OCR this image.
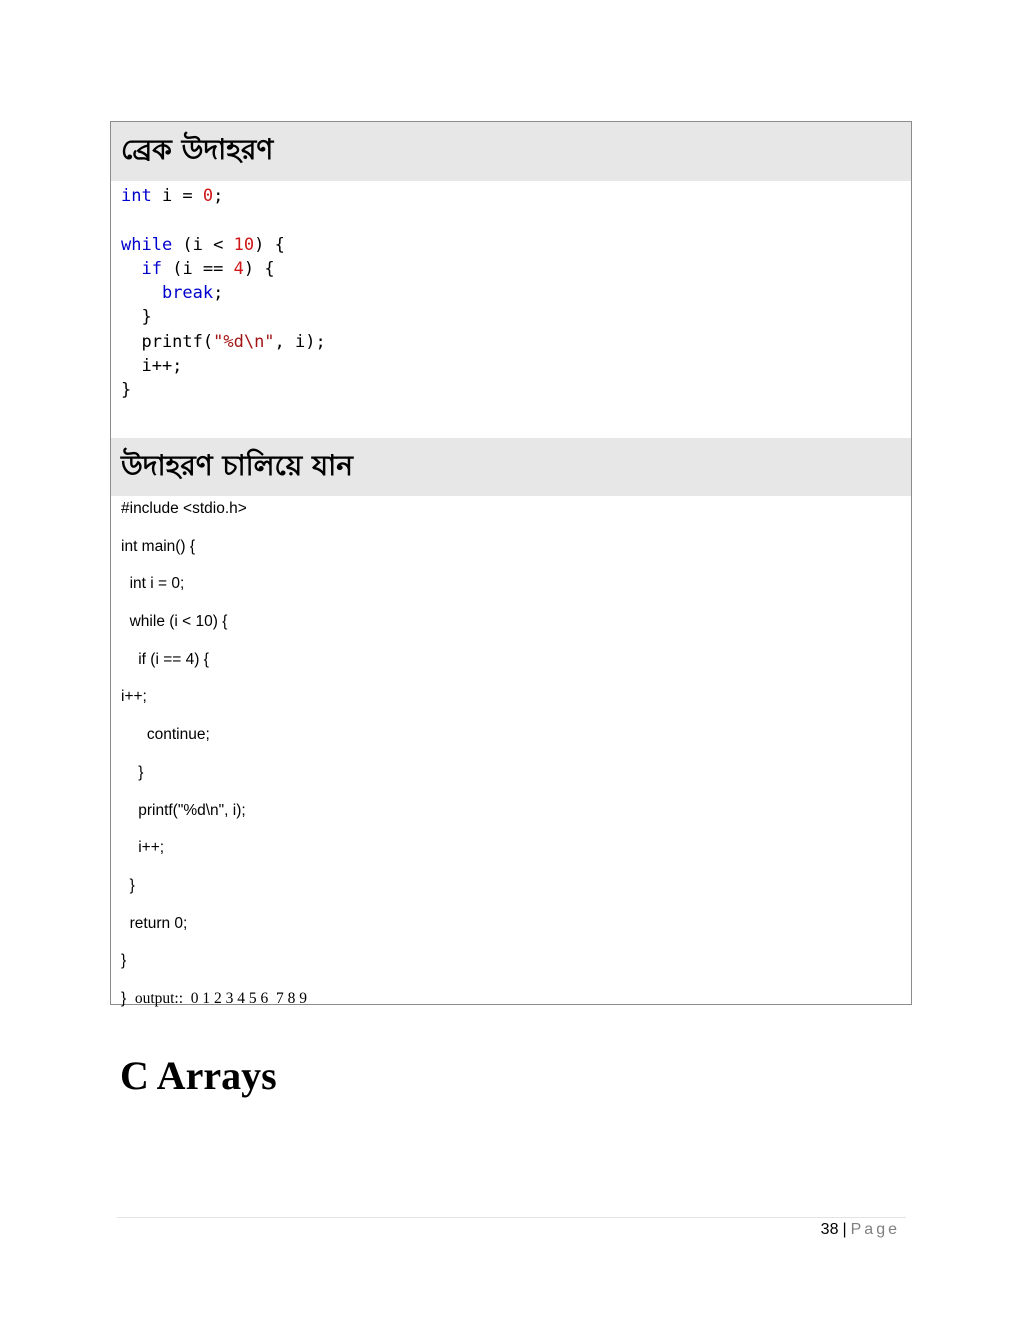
ব্রেক উদাহরণ
int i = 0;
while (i < 10) {
if (i == 4) {
break;
}
printf("%d\n", i);
i++;
}
উদাহরণ চালিয়ে যান
#include <stdio.h>
int main() {
int i = 0;
while (i < 10) {
if (i == 4) {
i++;
continue;
}
printf("%d\n", i);
i++;
}
return 0;
}
} output::  0 1 2 3 4 5 6  7 8 9
C Arrays
38 | Page
